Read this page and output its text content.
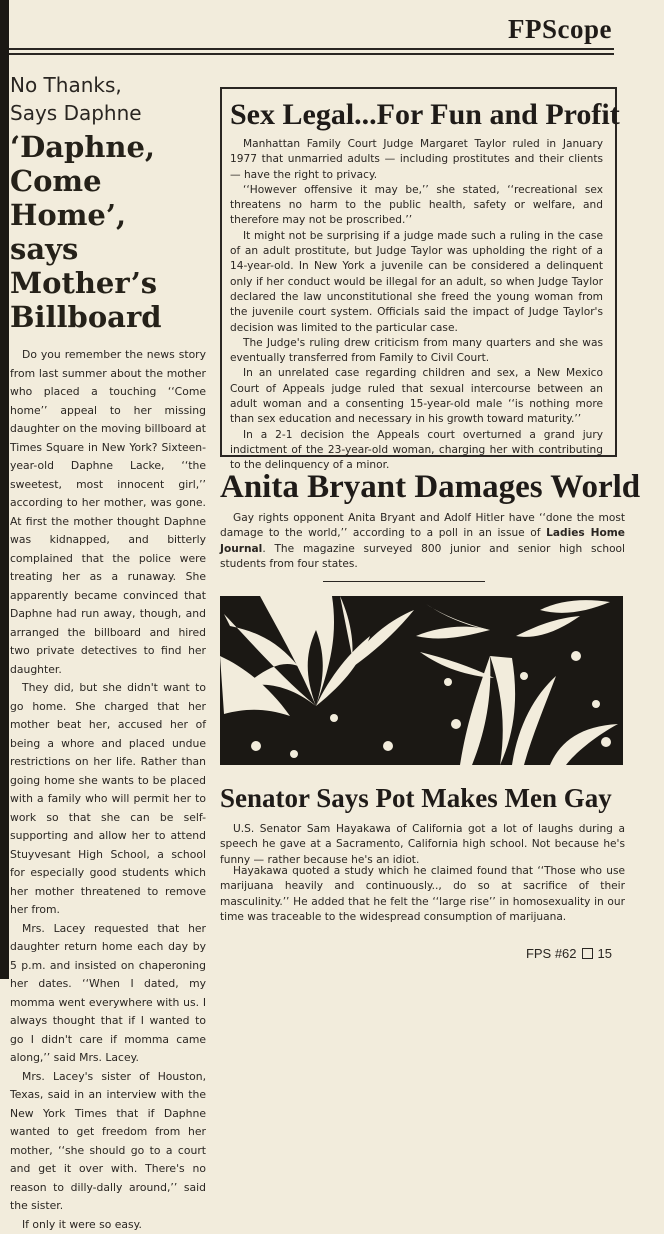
FPScope
No Thanks,
Says Daphne
‘Daphne, Come Home’, says Mother’s Billboard

Do you remember the news story from last summer about the mother who placed a touching ‘‘Come home’’ appeal to her missing daughter on the moving billboard at Times Square in New York? Sixteen-year-old Daphne Lacke, ‘‘the sweetest, most innocent girl,’’ according to her mother, was gone. At first the mother thought Daphne was kidnapped, and bitterly complained that the police were treating her as a runaway. She apparently became convinced that Daphne had run away, though, and arranged the billboard and hired two private detectives to find her daughter.

They did, but she didn't want to go home. She charged that her mother beat her, accused her of being a whore and placed undue restrictions on her life. Rather than going home she wants to be placed with a family who will permit her to work so that she can be self-supporting and allow her to attend Stuyvesant High School, a school for especially good students which her mother threatened to remove her from.

Mrs. Lacey requested that her daughter return home each day by 5 p.m. and insisted on chaperoning her dates. ‘‘When I dated, my momma went everywhere with us. I always thought that if I wanted to go I didn't care if momma came along,’’ said Mrs. Lacey.

Mrs. Lacey's sister of Houston, Texas, said in an interview with the New York Times that if Daphne wanted to get freedom from her mother, ‘‘she should go to a court and get it over with. There's no reason to dilly-dally around,’’ said the sister.

If only it were so easy.

Sex Legal...For Fun and Profit

Manhattan Family Court Judge Margaret Taylor ruled in January 1977 that unmarried adults — including prostitutes and their clients — have the right to privacy.

‘‘However offensive it may be,’’ she stated, ‘‘recreational sex threatens no harm to the public health, safety or welfare, and therefore may not be proscribed.’’

It might not be surprising if a judge made such a ruling in the case of an adult prostitute, but Judge Taylor was upholding the right of a 14-year-old. In New York a juvenile can be considered a delinquent only if her conduct would be illegal for an adult, so when Judge Taylor declared the law unconstitutional she freed the young woman from the juvenile court system. Officials said the impact of Judge Taylor's decision was limited to the particular case.

The Judge's ruling drew criticism from many quarters and she was eventually transferred from Family to Civil Court.

In an unrelated case regarding children and sex, a New Mexico Court of Appeals judge ruled that sexual intercourse between an adult woman and a consenting 15-year-old male ‘‘is nothing more than sex education and necessary in his growth toward maturity.’’

In a 2-1 decision the Appeals court overturned a grand jury indictment of the 23-year-old woman, charging her with contributing to the delinquency of a minor.

Anita Bryant Damages World

Gay rights opponent Anita Bryant and Adolf Hitler have ‘‘done the most damage to the world,’’ according to a poll in an issue of Ladies Home Journal. The magazine surveyed 800 junior and senior high school students from four states.

Senator Says Pot Makes Men Gay

U.S. Senator Sam Hayakawa of California got a lot of laughs during a speech he gave at a Sacramento, California high school. Not because he's funny — rather because he's an idiot.

Hayakawa quoted a study which he claimed found that ‘‘Those who use marijuana heavily and continuously.., do so at sacrifice of their masculinity.’’ He added that he felt the ‘‘large rise’’ in homosexuality in our time was traceable to the widespread consumption of marijuana.

FPS #62 15
